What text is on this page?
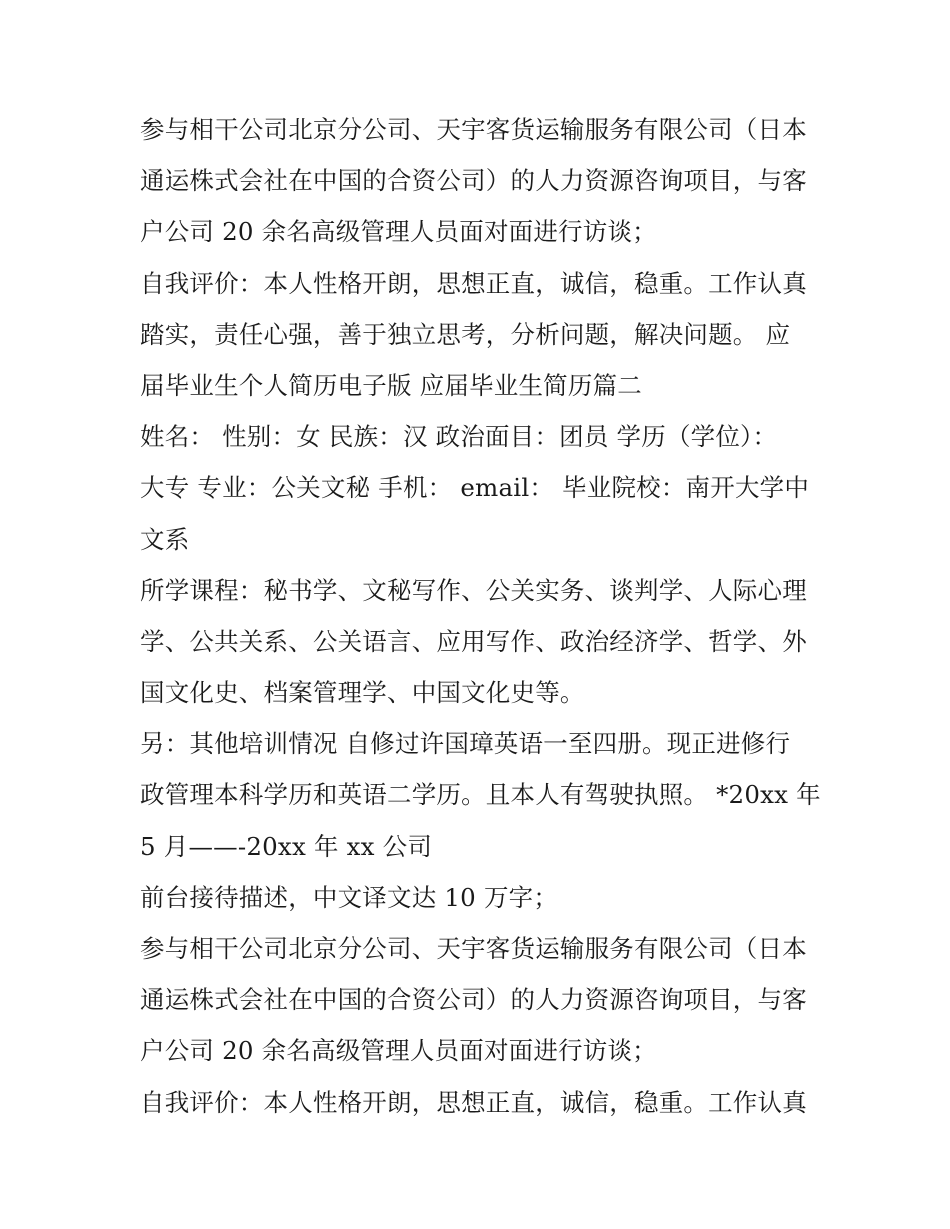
参与相干公司北京分公司、天宇客货运输服务有限公司（日本
通运株式会社在中国的合资公司）的人力资源咨询项目，与客
户公司 20 余名高级管理人员面对面进行访谈；
自我评价：本人性格开朗，思想正直，诚信，稳重。工作认真
踏实，责任心强，善于独立思考，分析问题，解决问题。 应
届毕业生个人简历电子版 应届毕业生简历篇二
姓名： 性别：女 民族：汉 政治面目：团员 学历（学位）：
大专 专业：公关文秘 手机： email： 毕业院校：南开大学中
文系
所学课程：秘书学、文秘写作、公关实务、谈判学、人际心理
学、公共关系、公关语言、应用写作、政治经济学、哲学、外
国文化史、档案管理学、中国文化史等。
另：其他培训情况 自修过许国璋英语一至四册。现正进修行
政管理本科学历和英语二学历。且本人有驾驶执照。 *20xx 年
5 月——-20xx 年 xx 公司
前台接待描述，中文译文达 10 万字；
参与相干公司北京分公司、天宇客货运输服务有限公司（日本
通运株式会社在中国的合资公司）的人力资源咨询项目，与客
户公司 20 余名高级管理人员面对面进行访谈；
自我评价：本人性格开朗，思想正直，诚信，稳重。工作认真
